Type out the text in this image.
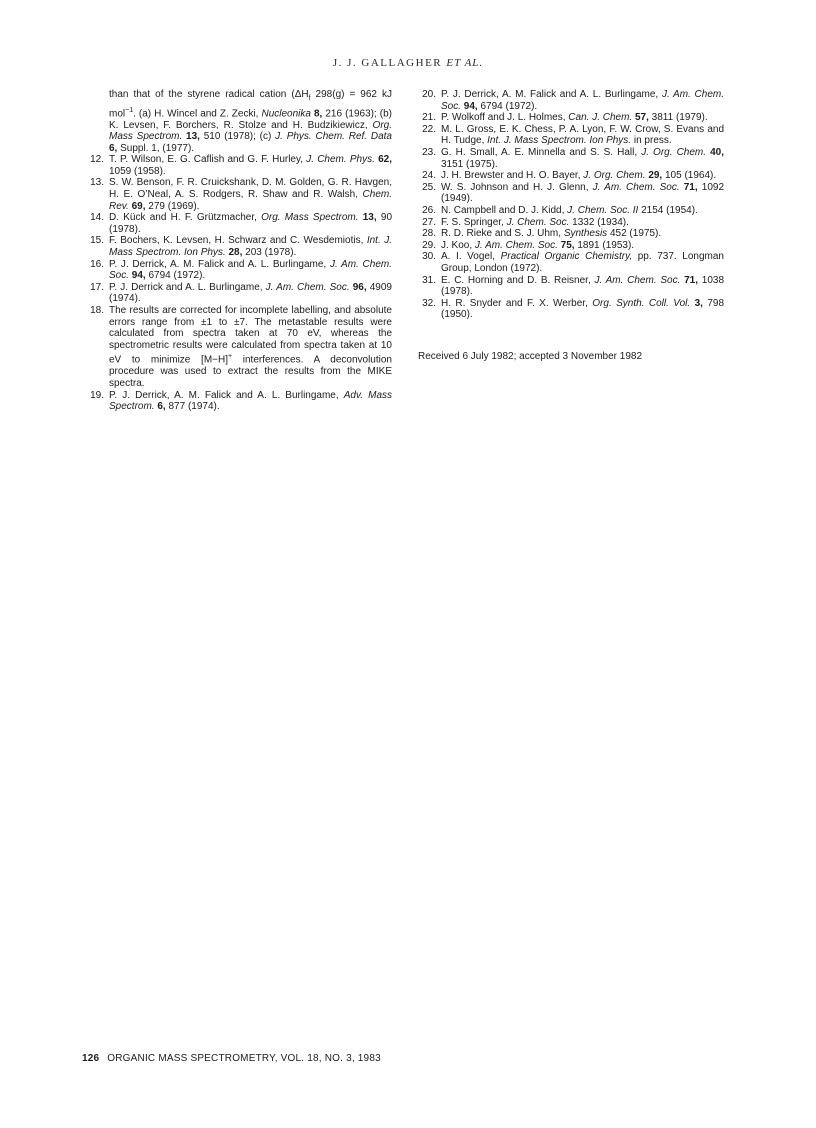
J. J. GALLAGHER ET AL.

than that of the styrene radical cation ($\Delta H_f$ 298(g) = 962 kJ mol$^{-1}$. (a) H. Wincel and Z. Zecki, Nucleonika 8, 216 (1963); (b) K. Levsen, F. Borchers, R. Stolze and H. Budzikiewicz, Org. Mass Spectrom. 13, 510 (1978); (c) J. Phys. Chem. Ref. Data 6, Suppl. 1, (1977).

12. T. P. Wilson, E. G. Caflish and G. F. Hurley, J. Chem. Phys. 62, 1059 (1958).

13. S. W. Benson, F. R. Cruickshank, D. M. Golden, G. R. Havgen, H. E. O’Neal, A. S. Rodgers, R. Shaw and R. Walsh, Chem. Rev. 69, 279 (1969).

14. D. Kück and H. F. Grützmacher, Org. Mass Spectrom. 13, 90 (1978).

15. F. Bochers, K. Levsen, H. Schwarz and C. Wesdemiotis, Int. J. Mass Spectrom. Ion Phys. 28, 203 (1978).

16. P. J. Derrick, A. M. Falick and A. L. Burlingame, J. Am. Chem. Soc. 94, 6794 (1972).

17. P. J. Derrick and A. L. Burlingame, J. Am. Chem. Soc. 96, 4909 (1974).

18. The results are corrected for incomplete labelling, and absolute errors range from ±1 to ±7. The metastable results were calculated from spectra taken at 70 eV, whereas the spectrometric results were calculated from spectra taken at 10 eV to minimize [M−H]+ interferences. A deconvolution procedure was used to extract the results from the MIKE spectra.

19. P. J. Derrick, A. M. Falick and A. L. Burlingame, Adv. Mass Spectrom. 6, 877 (1974).

20. P. J. Derrick, A. M. Falick and A. L. Burlingame, J. Am. Chem. Soc. 94, 6794 (1972).

21. P. Wolkoff and J. L. Holmes, Can. J. Chem. 57, 3811 (1979).

22. M. L. Gross, E. K. Chess, P. A. Lyon, F. W. Crow, S. Evans and H. Tudge, Int. J. Mass Spectrom. Ion Phys. in press.

23. G. H. Small, A. E. Minnella and S. S. Hall, J. Org. Chem. 40, 3151 (1975).

24. J. H. Brewster and H. O. Bayer, J. Org. Chem. 29, 105 (1964).

25. W. S. Johnson and H. J. Glenn, J. Am. Chem. Soc. 71, 1092 (1949).

26. N. Campbell and D. J. Kidd, J. Chem. Soc. II 2154 (1954).

27. F. S. Springer, J. Chem. Soc. 1332 (1934).

28. R. D. Rieke and S. J. Uhm, Synthesis 452 (1975).

29. J. Koo, J. Am. Chem. Soc. 75, 1891 (1953).

30. A. I. Vogel, Practical Organic Chemistry, pp. 737. Longman Group, London (1972).

31. E. C. Horning and D. B. Reisner, J. Am. Chem. Soc. 71, 1038 (1978).

32. H. R. Snyder and F. X. Werber, Org. Synth. Coll. Vol. 3, 798 (1950).

Received 6 July 1982; accepted 3 November 1982
126 ORGANIC MASS SPECTROMETRY, VOL. 18, NO. 3, 1983
